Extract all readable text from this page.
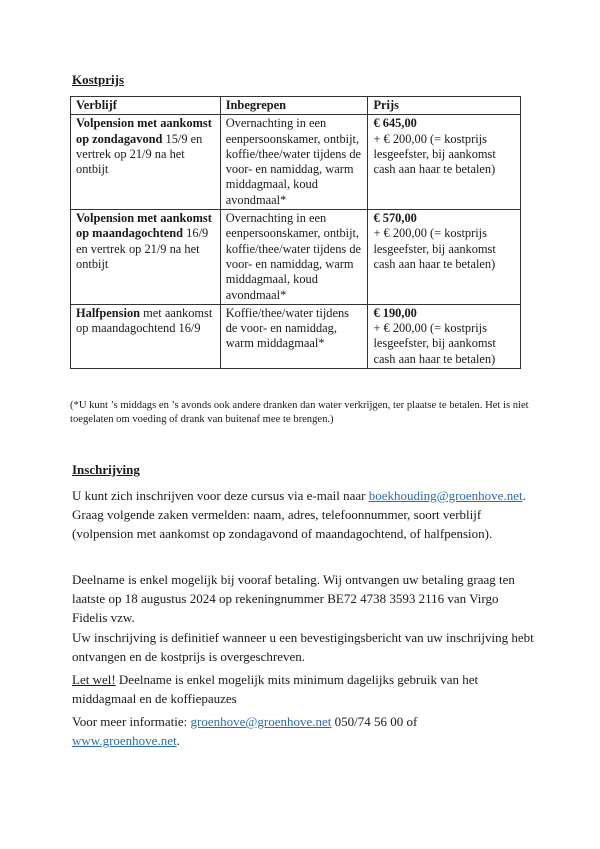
Kostprijs
Verblijf	Inbegrepen	Prijs
Volpension met aankomst op zondagavond 15/9 en vertrek op 21/9 na het ontbijt	Overnachting in een eenpersoonskamer, ontbijt, koffie/thee/water tijdens de voor- en namiddag, warm middagmaal, koud avondmaal*	€ 645,00
+ € 200,00 (= kostprijs lesgeefster, bij aankomst cash aan haar te betalen)

Volpension met aankomst op maandagochtend 16/9 en vertrek op 21/9 na het ontbijt	Overnachting in een eenpersoonskamer, ontbijt, koffie/thee/water tijdens de voor- en namiddag, warm middagmaal, koud avondmaal*	€ 570,00
+ € 200,00 (= kostprijs lesgeefster, bij aankomst cash aan haar te betalen)

Halfpension met aankomst op maandagochtend 16/9	Koffie/thee/water tijdens de voor- en namiddag, warm middagmaal*	€ 190,00
+ € 200,00 (= kostprijs lesgeefster, bij aankomst cash aan haar te betalen)
(*U kunt ’s middags en ’s avonds ook andere dranken dan water verkrijgen, ter plaatse te betalen. Het is niet toegelaten om voeding of drank van buitenaf mee te brengen.)
Inschrijving
U kunt zich inschrijven voor deze cursus via e-mail naar boekhouding@groenhove.net. Graag volgende zaken vermelden: naam, adres, telefoonnummer, soort verblijf (volpension met aankomst op zondagavond of maandagochtend, of halfpension).
Deelname is enkel mogelijk bij vooraf betaling. Wij ontvangen uw betaling graag ten laatste op 18 augustus 2024 op rekeningnummer BE72 4738 3593 2116 van Virgo Fidelis vzw.
Uw inschrijving is definitief wanneer u een bevestigingsbericht van uw inschrijving hebt ontvangen en de kostprijs is overgeschreven.
Let wel! Deelname is enkel mogelijk mits minimum dagelijks gebruik van het middagmaal en de koffiepauzes
Voor meer informatie: groenhove@groenhove.net 050/74 56 00 of
www.groenhove.net.
